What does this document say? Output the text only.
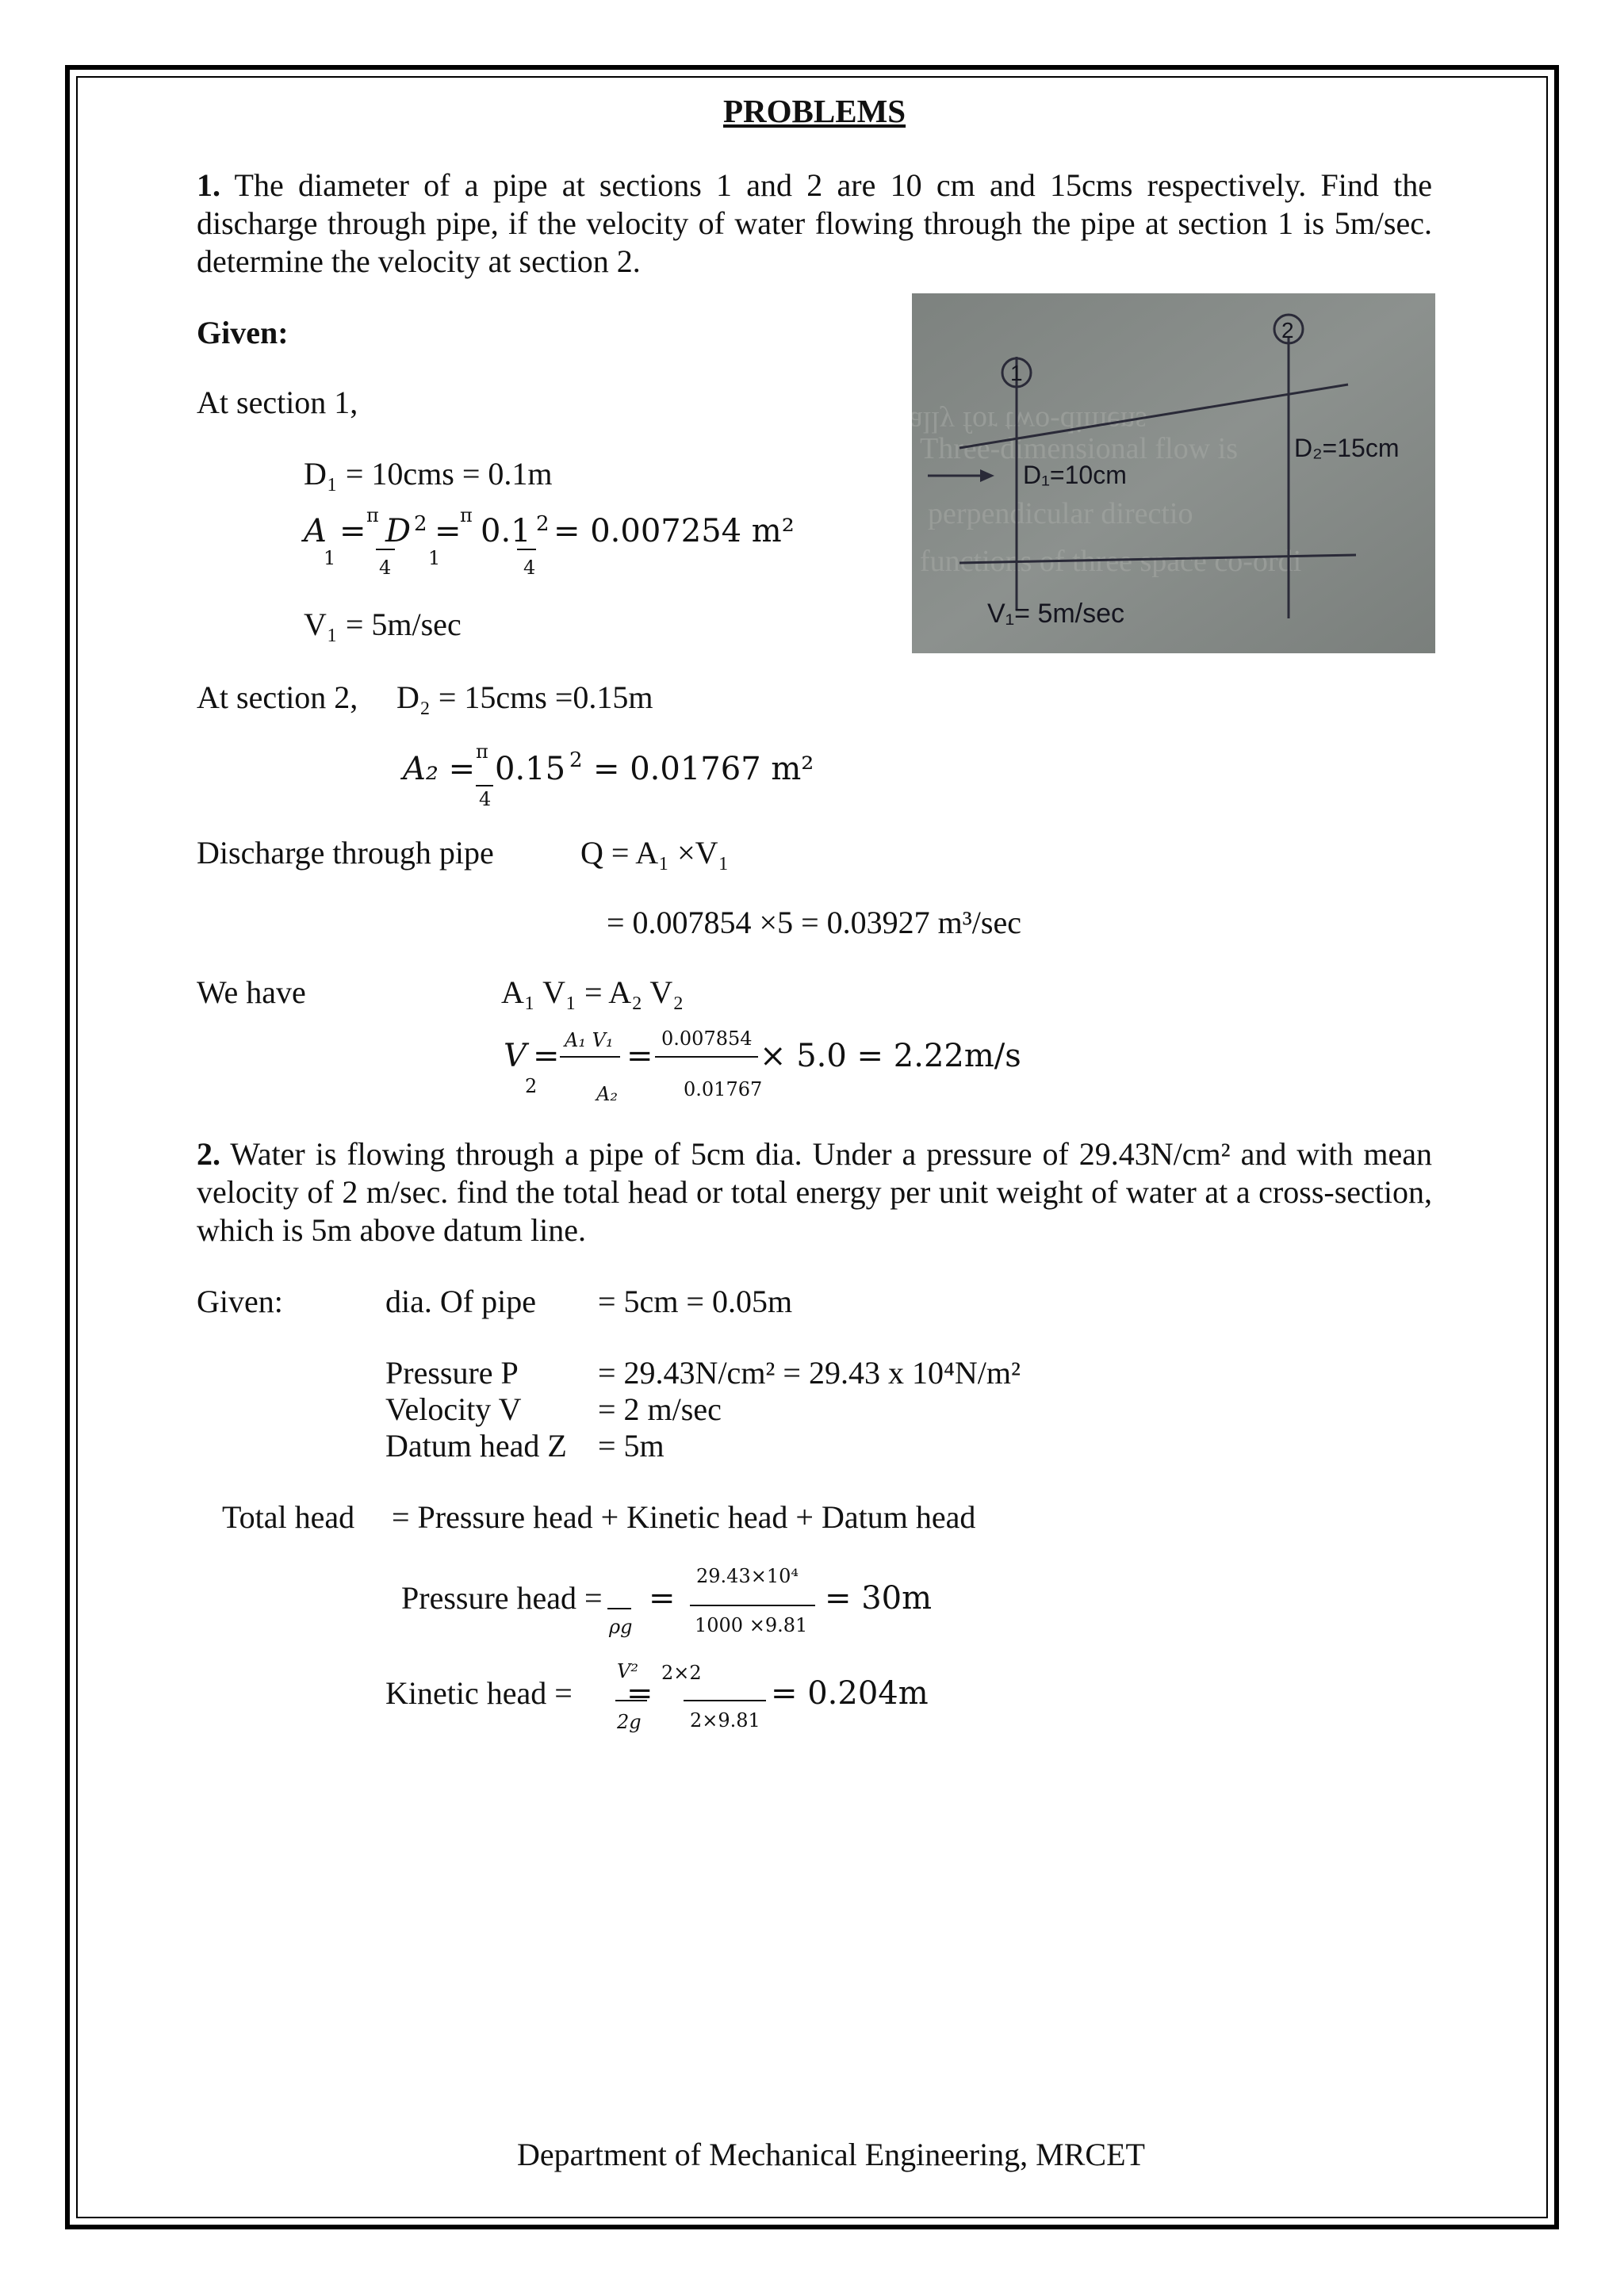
PROBLEMS
1. The diameter of a pipe at sections 1 and 2 are 10 cm and 15cms respectively. Find the discharge through pipe, if the velocity of water flowing through the pipe at section 1 is 5m/sec. determine the velocity at section 2.
Given:
At section 1,
D₁ = 10cms = 0.1m
A
1
= π
4
D
1
2 =
π
4
0.1 2 = 0.007254 m²
V₁ = 5m/sec
cally for two-dimens
Three-dimensional flow is
perpendicular directio
functions of three space co-ordi
1
2
D₁=10cm
D₂=15cm
V₁= 5m/sec
At section 2, D₂ = 15cms =0.15m
A₂ = π
4
0.15 2 = 0.01767 m²
Discharge through pipe	Q = A₁ ×V₁
= 0.007854 ×5 = 0.03927 m³/sec
We have	A₁ V₁ = A₂ V₂
V
2
= A₁ V₁
A₂
= 0.007854
0.01767
× 5.0 = 2.22m/s
2. Water is flowing through a pipe of 5cm dia. Under a pressure of 29.43N/cm² and with mean velocity of 2 m/sec. find the total head or total energy per unit weight of water at a cross-section, which is 5m above datum line.
Given:	dia. Of pipe = 5cm = 0.05m
Pressure P	= 29.43N/cm² = 29.43 x 10⁴N/m²
Velocity V = 2 m/sec
Datum head Z = 5m
Total head = Pressure head + Kinetic head + Datum head
Pressure head =
ρg
=
29.43×10⁴
1000 ×9.81
= 30m
Kinetic head =
V²
2g
=
2×2
2×9.81
= 0.204m
Department of Mechanical Engineering, MRCET
